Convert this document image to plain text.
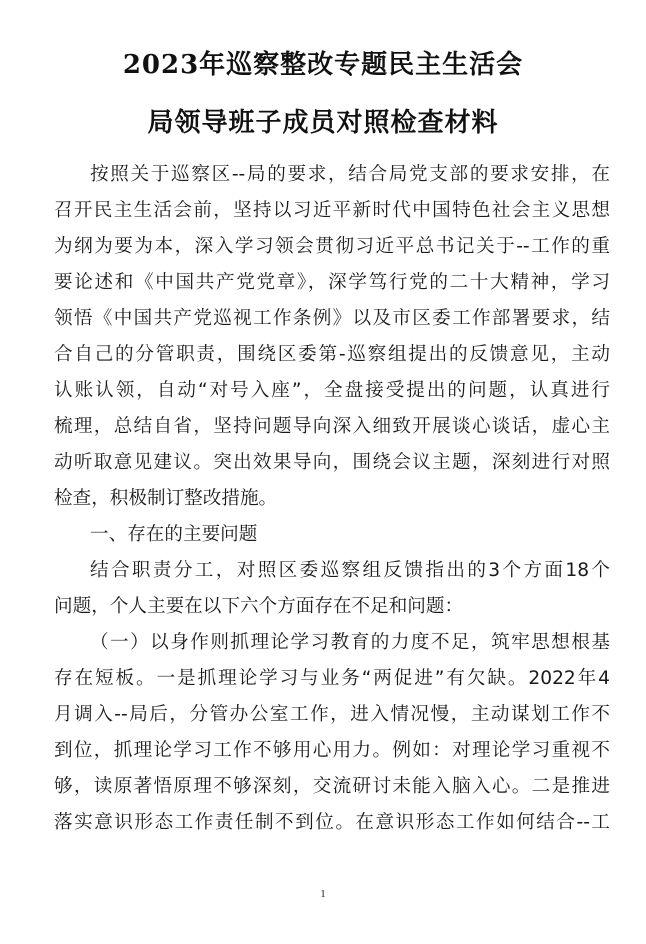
2023年巡察整改专题民主生活会
局领导班子成员对照检查材料
按照关于巡察区--局的要求，结合局党支部的要求安排，在
召开民主生活会前，坚持以习近平新时代中国特色社会主义思想
为纲为要为本，深入学习领会贯彻习近平总书记关于--工作的重
要论述和《中国共产党党章》，深学笃行党的二十大精神，学习
领悟《中国共产党巡视工作条例》以及市区委工作部署要求，结
合自己的分管职责，围绕区委第-巡察组提出的反馈意见，主动
认账认领，自动“对号入座”，全盘接受提出的问题，认真进行
梳理，总结自省，坚持问题导向深入细致开展谈心谈话，虚心主
动听取意见建议。突出效果导向，围绕会议主题，深刻进行对照
检查，积极制订整改措施。
一、存在的主要问题
结合职责分工，对照区委巡察组反馈指出的3个方面18个
问题，个人主要在以下六个方面存在不足和问题：
（一）以身作则抓理论学习教育的力度不足，筑牢思想根基
存在短板。一是抓理论学习与业务“两促进”有欠缺。2022年4
月调入--局后，分管办公室工作，进入情况慢，主动谋划工作不
到位，抓理论学习工作不够用心用力。例如：对理论学习重视不
够，读原著悟原理不够深刻，交流研讨未能入脑入心。二是推进
落实意识形态工作责任制不到位。在意识形态工作如何结合--工
1
